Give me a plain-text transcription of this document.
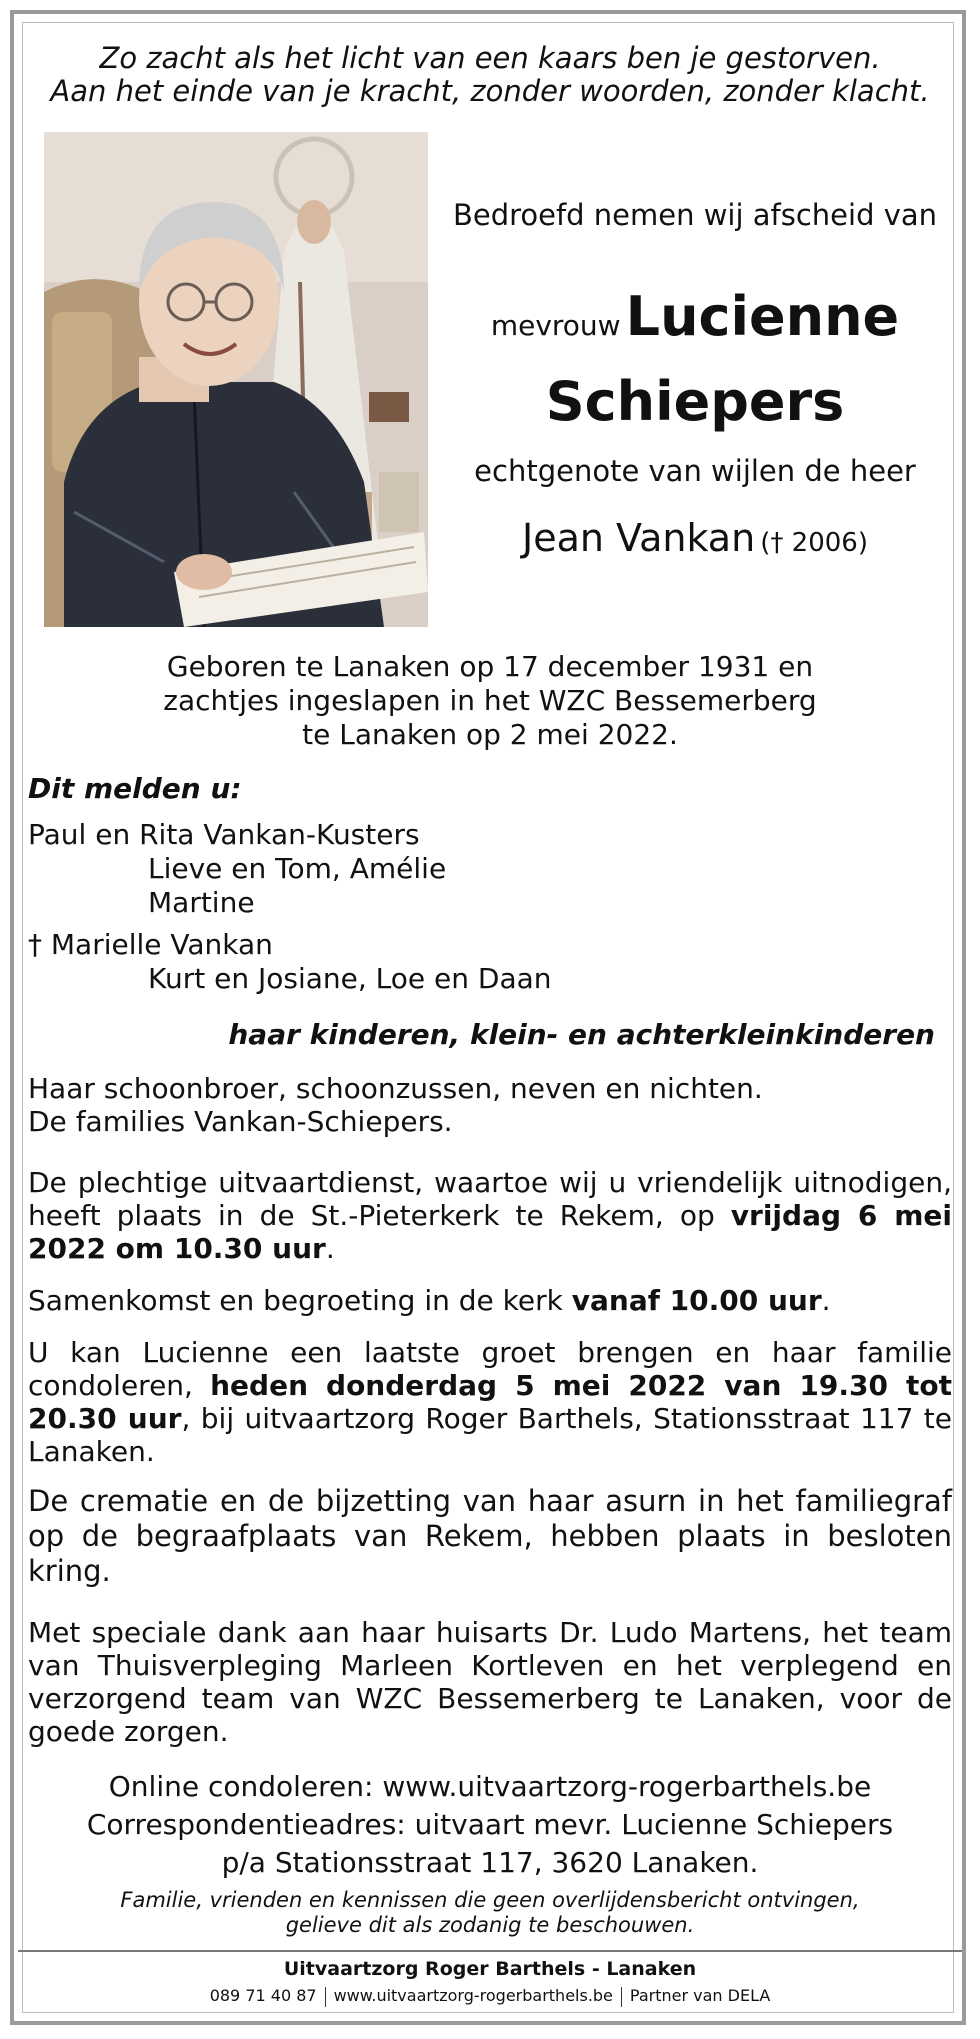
Zo zacht als het licht van een kaars ben je gestorven.
Aan het einde van je kracht, zonder woorden, zonder klacht.
Bedroefd nemen wij afscheid van
mevrouw Lucienne
Schiepers
echtgenote van wijlen de heer
Jean Vankan († 2006)
Geboren te Lanaken op 17 december 1931 en
zachtjes ingeslapen in het WZC Bessemerberg
te Lanaken op 2 mei 2022.
Dit melden u:
Paul en Rita Vankan-Kusters
Lieve en Tom, Amélie
Martine
† Marielle Vankan
Kurt en Josiane, Loe en Daan
haar kinderen, klein- en achterkleinkinderen
Haar schoonbroer, schoonzussen, neven en nichten.
De families Vankan-Schiepers.
De plechtige uitvaartdienst, waartoe wij u vriendelijk uitnodigen, heeft plaats in de St.-Pieterkerk te Rekem, op vrijdag 6 mei 2022 om 10.30 uur.
Samenkomst en begroeting in de kerk vanaf 10.00 uur.
U kan Lucienne een laatste groet brengen en haar familie condoleren, heden donderdag 5 mei 2022 van 19.30 tot 20.30 uur, bij uitvaartzorg Roger Barthels, Stationsstraat 117 te Lanaken.
De crematie en de bijzetting van haar asurn in het familiegraf op de begraafplaats van Rekem, hebben plaats in besloten kring.
Met speciale dank aan haar huisarts Dr. Ludo Martens, het team van Thuisverpleging Marleen Kortleven en het verplegend en verzorgend team van WZC Bessemerberg te Lanaken, voor de goede zorgen.
Online condoleren: www.uitvaartzorg-rogerbarthels.be
Correspondentieadres: uitvaart mevr. Lucienne Schiepers
p/a Stationsstraat 117, 3620 Lanaken.
Familie, vrienden en kennissen die geen overlijdensbericht ontvingen,
gelieve dit als zodanig te beschouwen.
Uitvaartzorg Roger Barthels - Lanaken
089 71 40 87 www.uitvaartzorg-rogerbarthels.be Partner van DELA
